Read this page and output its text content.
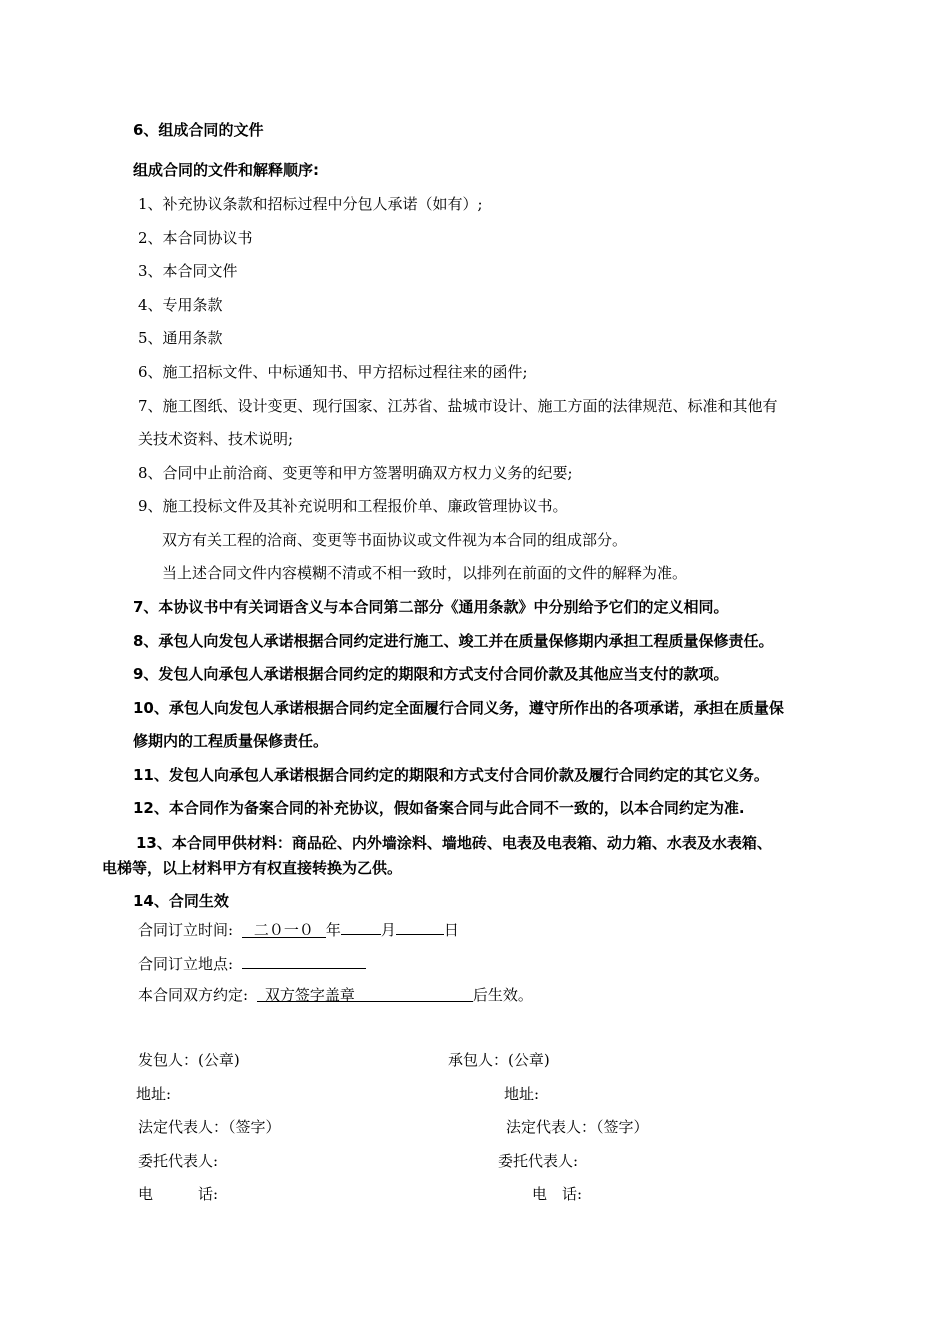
6、组成合同的文件
组成合同的文件和解释顺序:
1、补充协议条款和招标过程中分包人承诺（如有）;
2、本合同协议书
3、本合同文件
4、专用条款
5、通用条款
6、施工招标文件、中标通知书、甲方招标过程往来的函件;
7、施工图纸、设计变更、现行国家、江苏省、盐城市设计、施工方面的法律规范、标准和其他有
关技术资料、技术说明;
8、合同中止前洽商、变更等和甲方签署明确双方权力义务的纪要;
9、施工投标文件及其补充说明和工程报价单、廉政管理协议书。
双方有关工程的洽商、变更等书面协议或文件视为本合同的组成部分。
当上述合同文件内容模糊不清或不相一致时，以排列在前面的文件的解释为准。
7、本协议书中有关词语含义与本合同第二部分《通用条款》中分别给予它们的定义相同。
8、承包人向发包人承诺根据合同约定进行施工、竣工并在质量保修期内承担工程质量保修责任。
9、发包人向承包人承诺根据合同约定的期限和方式支付合同价款及其他应当支付的款项。
10、承包人向发包人承诺根据合同约定全面履行合同义务，遵守所作出的各项承诺，承担在质量保
修期内的工程质量保修责任。
11、发包人向承包人承诺根据合同约定的期限和方式支付合同价款及履行合同约定的其它义务。
12、本合同作为备案合同的补充协议，假如备案合同与此合同不一致的，以本合同约定为准.
13、本合同甲供材料：商品砼、内外墙涂料、墙地砖、电表及电表箱、动力箱、水表及水表箱、
电梯等，以上材料甲方有权直接转换为乙供。
14、合同生效
合同订立时间: 二０一０ 年	月	日
合同订立地点:
本合同双方约定: 双方签字盖章	后生效。
发包人：(公章)	承包人：(公章)
地址:	地址:
法定代表人：（签字）	法定代表人：（签字）
委托代表人:	委托代表人:
电　　　话:	电　话:
